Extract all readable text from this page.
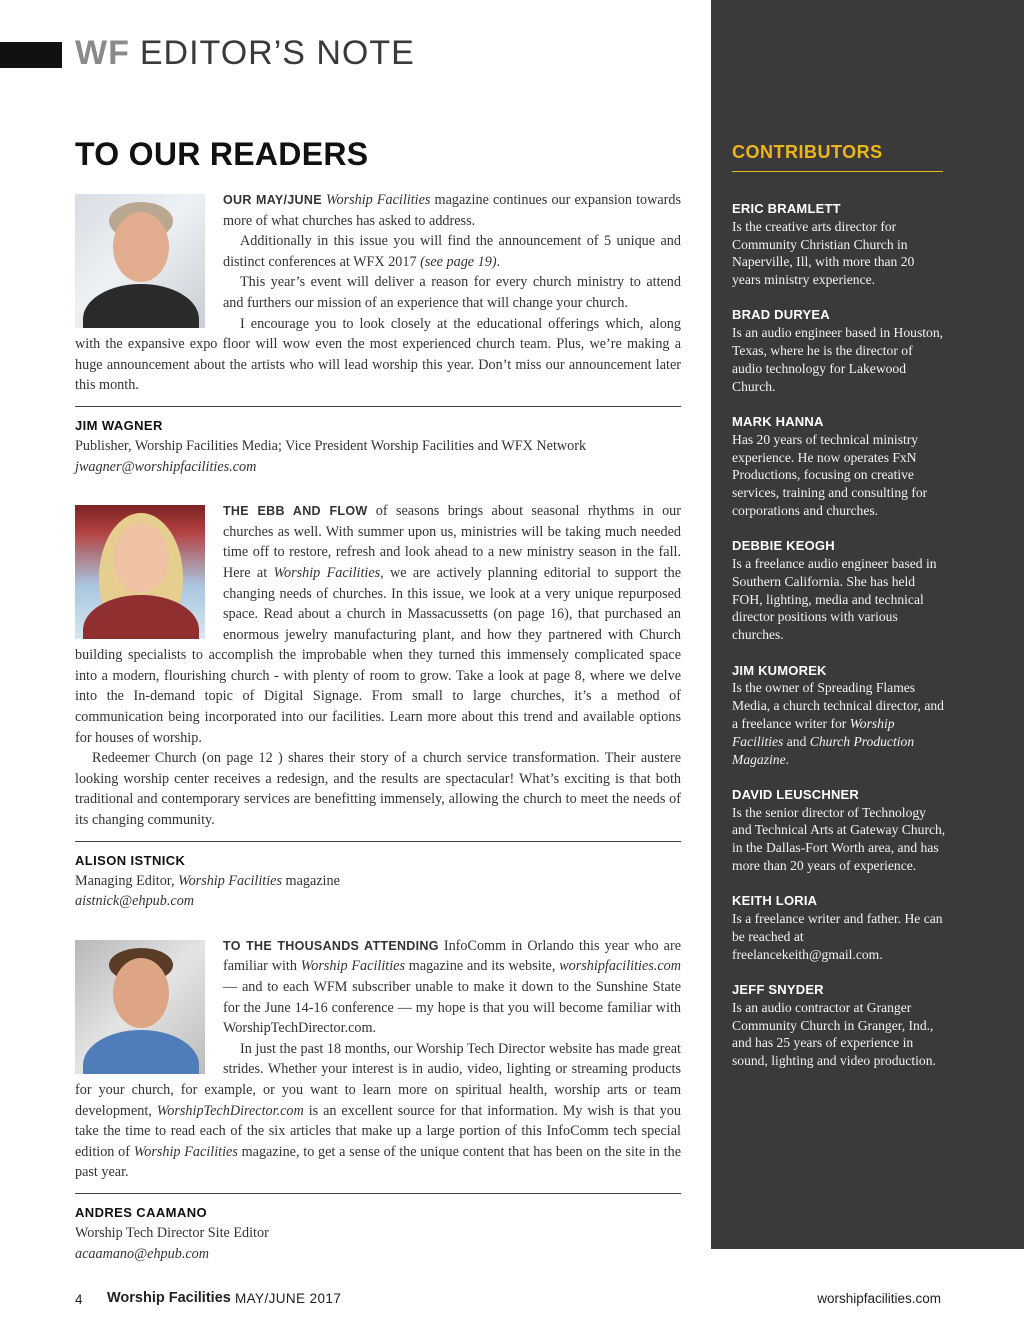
WF EDITOR’S NOTE
TO OUR READERS

OUR MAY/JUNE Worship Facilities magazine continues our expansion towards more of what churches has asked to address.

Additionally in this issue you will find the announcement of 5 unique and distinct conferences at WFX 2017 (see page 19).

This year’s event will deliver a reason for every church ministry to attend and furthers our mission of an experience that will change your church.

I encourage you to look closely at the educational offerings which, along with the expansive expo floor will wow even the most experienced church team. Plus, we’re making a huge announcement about the artists who will lead worship this year. Don’t miss our announcement later this month.

JIM WAGNER
Publisher, Worship Facilities Media; Vice President Worship Facilities and WFX Network
jwagner@worshipfacilities.com

THE EBB AND FLOW of seasons brings about seasonal rhythms in our churches as well. With summer upon us, ministries will be taking much needed time off to restore, refresh and look ahead to a new ministry season in the fall. Here at Worship Facilities, we are actively planning editorial to support the changing needs of churches. In this issue, we look at a very unique repurposed space. Read about a church in Massacussetts (on page 16), that purchased an enormous jewelry manufacturing plant, and how they partnered with Church building specialists to accomplish the improbable when they turned this immensely complicated space into a modern, flourishing church - with plenty of room to grow. Take a look at page 8, where we delve into the In-demand topic of Digital Signage. From small to large churches, it’s a method of communication being incorporated into our facilities. Learn more about this trend and available options for houses of worship.

Redeemer Church (on page 12 ) shares their story of a church service transformation. Their austere looking worship center receives a redesign, and the results are spectacular! What’s exciting is that both traditional and contemporary services are benefitting immensely, allowing the church to meet the needs of its changing community.

ALISON ISTNICK
Managing Editor, Worship Facilities magazine
aistnick@ehpub.com

TO THE THOUSANDS ATTENDING InfoComm in Orlando this year who are familiar with Worship Facilities magazine and its website, worshipfacilities.com — and to each WFM subscriber unable to make it down to the Sunshine State for the June 14-16 conference — my hope is that you will become familiar with WorshipTechDirector.com.

In just the past 18 months, our Worship Tech Director website has made great strides. Whether your interest is in audio, video, lighting or streaming products for your church, for example, or you want to learn more on spiritual health, worship arts or team development, WorshipTechDirector.com is an excellent source for that information. My wish is that you take the time to read each of the six articles that make up a large portion of this InfoComm tech special edition of Worship Facilities magazine, to get a sense of the unique content that has been on the site in the past year.

ANDRES CAAMANO
Worship Tech Director Site Editor
acaamano@ehpub.com
CONTRIBUTORS
ERIC BRAMLETT
Is the creative arts director for Community Christian Church in Naperville, Ill, with more than 20 years ministry experience.
BRAD DURYEA
Is an audio engineer based in Houston, Texas, where he is the director of audio technology for Lakewood Church.
MARK HANNA
Has 20 years of technical ministry experience. He now operates FxN Productions, focusing on creative services, training and consulting for corporations and churches.
DEBBIE KEOGH
Is a freelance audio engineer based in Southern California. She has held FOH, lighting, media and technical director positions with various churches.
JIM KUMOREK
Is the owner of Spreading Flames Media, a church technical director, and a freelance writer for Worship Facilities and Church Production Magazine.
DAVID LEUSCHNER
Is the senior director of Technology and Technical Arts at Gateway Church, in the Dallas-Fort Worth area, and has more than 20 years of experience.
KEITH LORIA
Is a freelance writer and father. He can be reached at freelancekeith@gmail.com.
JEFF SNYDER
Is an audio contractor at Granger Community Church in Granger, Ind., and has 25 years of experience in sound, lighting and video production.
4 Worship Facilities MAY/JUNE 2017	worshipfacilities.com
